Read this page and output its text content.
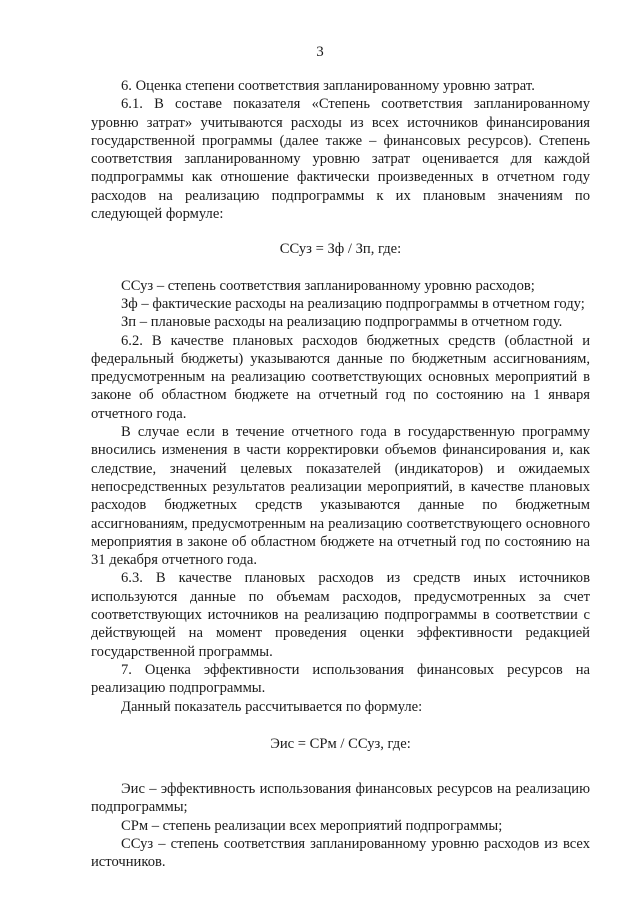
3

6. Оценка степени соответствия запланированному уровню затрат.

6.1. В составе показателя «Степень соответствия запланированному уровню затрат» учитываются расходы из всех источников финансирования государственной программы (далее также – финансовых ресурсов). Степень соответствия запланированному уровню затрат оценивается для каждой подпрограммы как отношение фактически произведенных в отчетном году расходов на реализацию подпрограммы к их плановым значениям по следующей формуле:

ССуз = Зф / Зп, где:

ССуз – степень соответствия запланированному уровню расходов;

Зф – фактические расходы на реализацию подпрограммы в отчетном году;

Зп – плановые расходы на реализацию подпрограммы в отчетном году.

6.2. В качестве плановых расходов бюджетных средств (областной и федеральный бюджеты) указываются данные по бюджетным ассигнованиям, предусмотренным на реализацию соответствующих основных мероприятий в законе об областном бюджете на отчетный год по состоянию на 1 января отчетного года.

В случае если в течение отчетного года в государственную программу вносились изменения в части корректировки объемов финансирования и, как следствие, значений целевых показателей (индикаторов) и ожидаемых непосредственных результатов реализации мероприятий, в качестве плановых расходов бюджетных средств указываются данные по бюджетным ассигнованиям, предусмотренным на реализацию соответствующего основного мероприятия в законе об областном бюджете на отчетный год по состоянию на 31 декабря отчетного года.

6.3. В качестве плановых расходов из средств иных источников используются данные по объемам расходов, предусмотренных за счет соответствующих источников на реализацию подпрограммы в соответствии с действующей на момент проведения оценки эффективности редакцией государственной программы.

7. Оценка эффективности использования финансовых ресурсов на реализацию подпрограммы.

Данный показатель рассчитывается по формуле:

Эис = СРм / ССуз, где:

Эис – эффективность использования финансовых ресурсов на реализацию подпрограммы;

СРм – степень реализации всех мероприятий подпрограммы;

ССуз – степень соответствия запланированному уровню расходов из всех источников.
